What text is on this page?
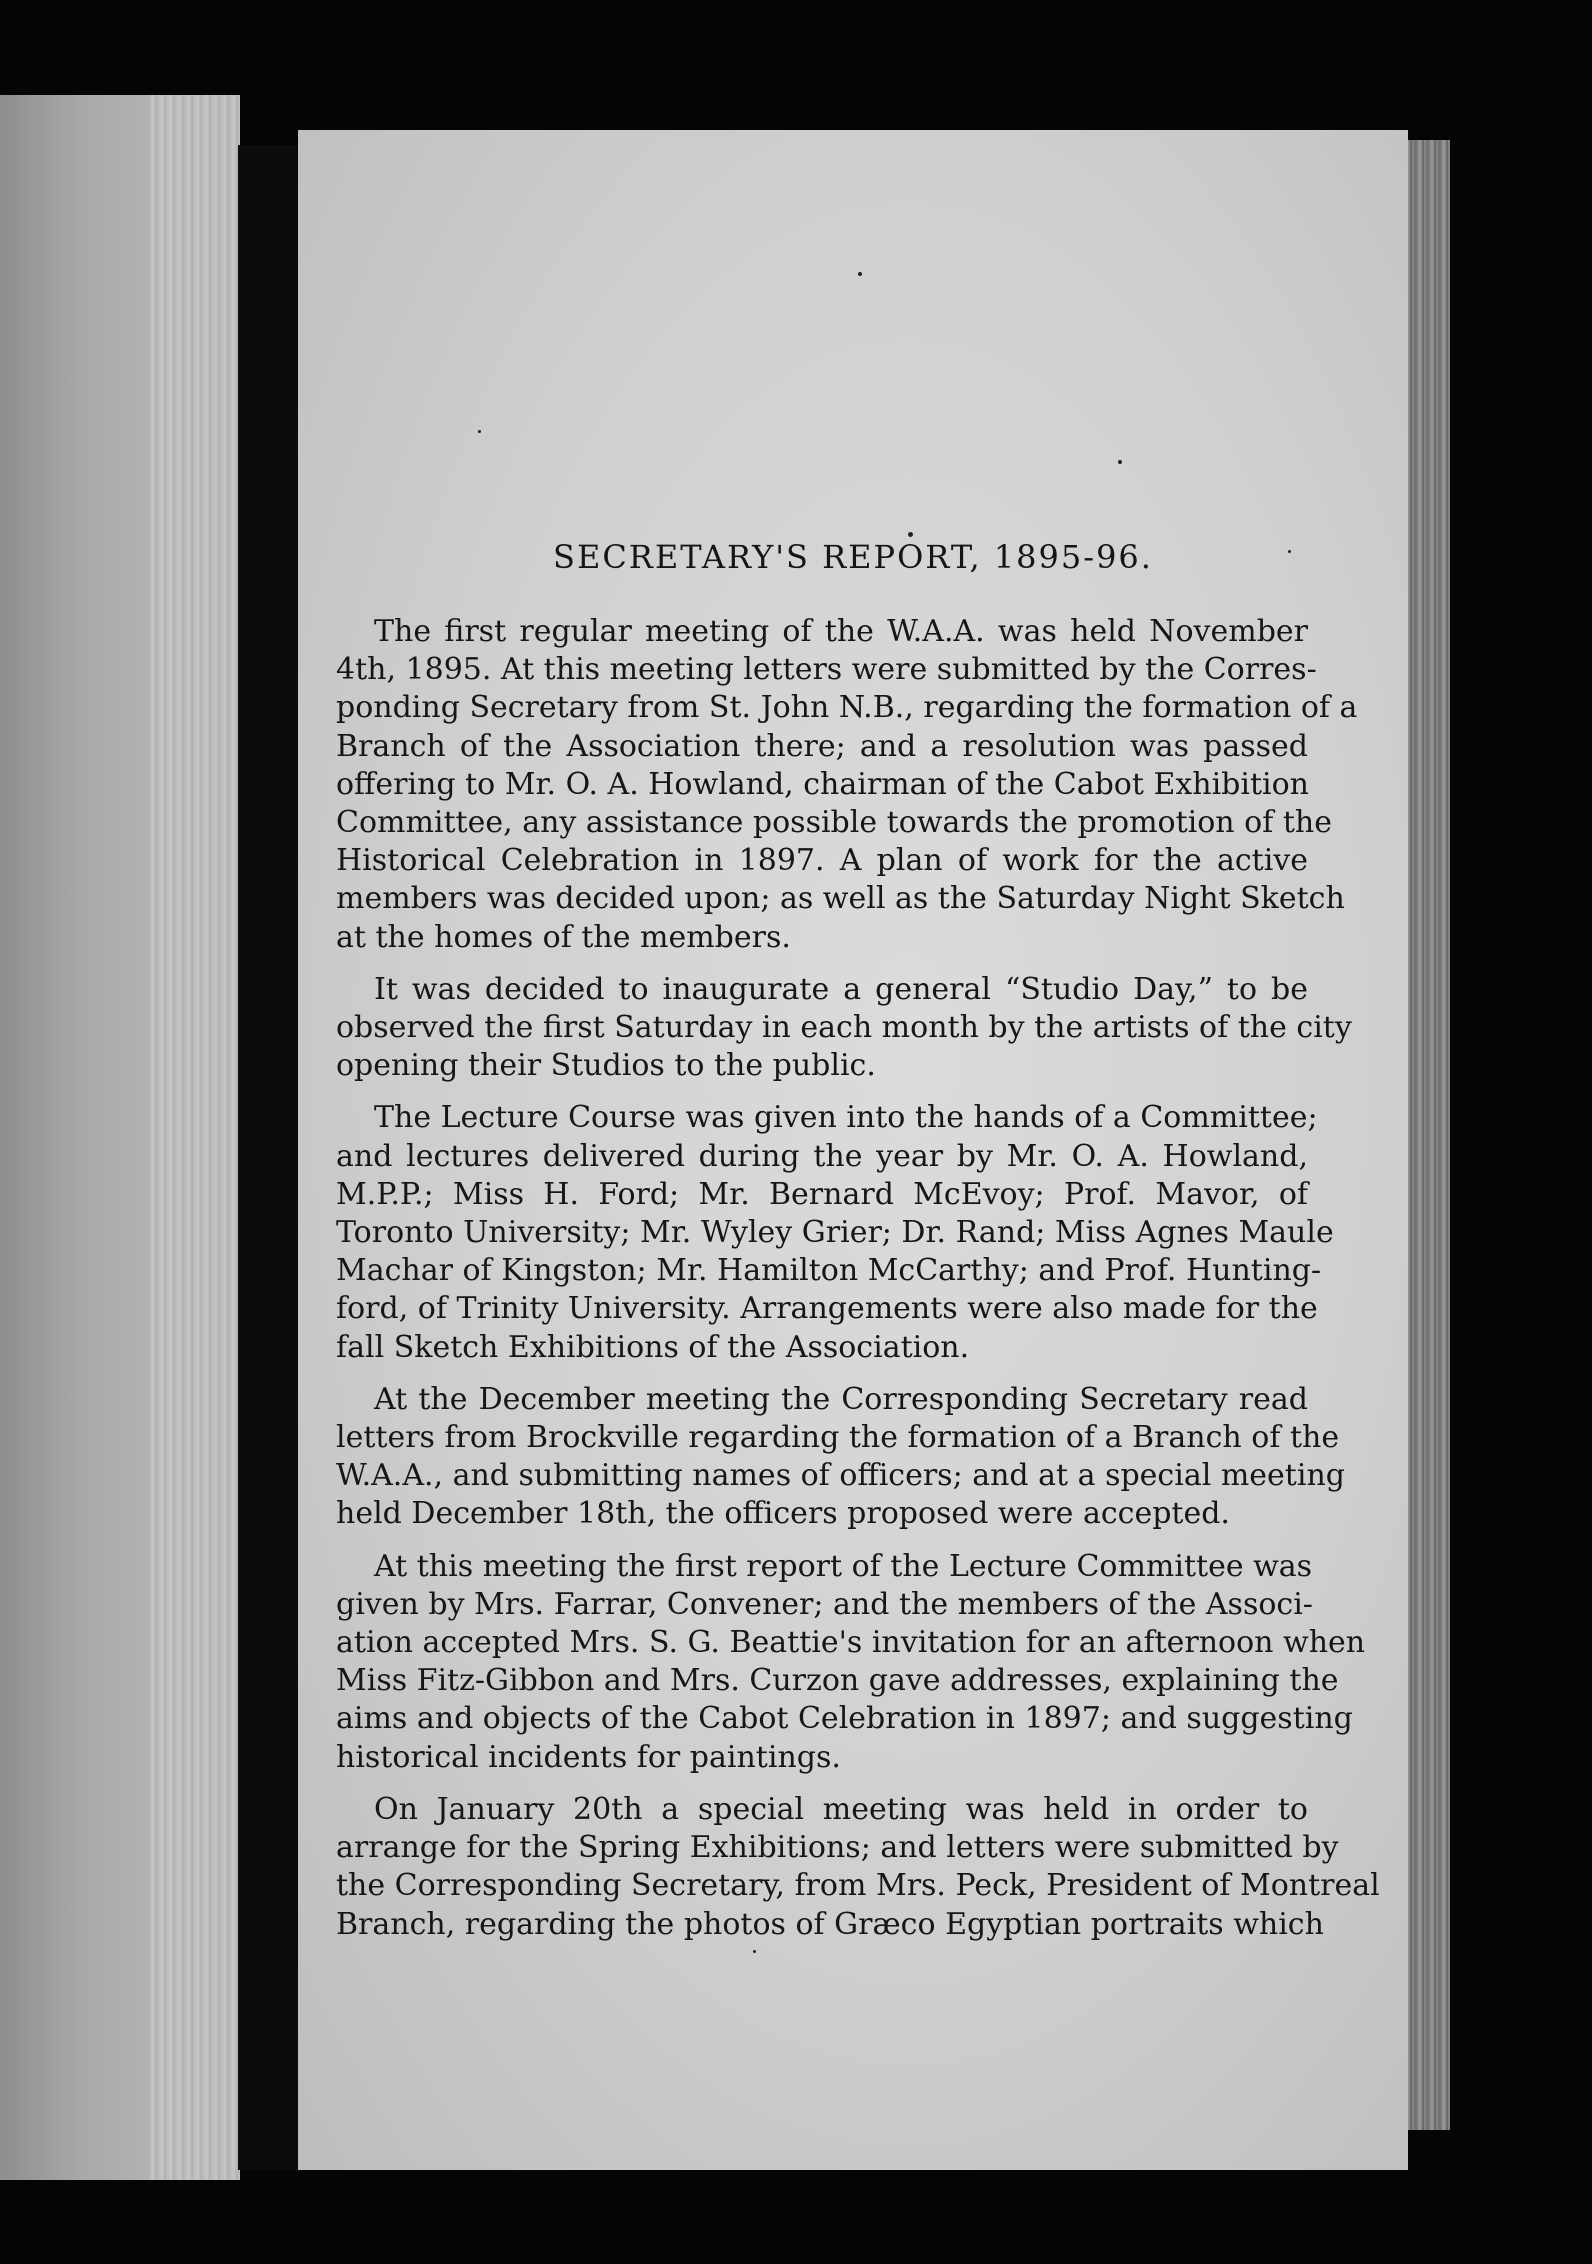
SECRETARY'S REPORT, 1895-96.
The first regular meeting of the W.A.A. was held November
4th, 1895. At this meeting letters were submitted by the Corres-
ponding Secretary from St. John N.B., regarding the formation of a
Branch of the Association there; and a resolution was passed
offering to Mr. O. A. Howland, chairman of the Cabot Exhibition
Committee, any assistance possible towards the promotion of the
Historical Celebration in 1897. A plan of work for the active
members was decided upon; as well as the Saturday Night Sketch
at the homes of the members.
It was decided to inaugurate a general “Studio Day,” to be
observed the first Saturday in each month by the artists of the city
opening their Studios to the public.
The Lecture Course was given into the hands of a Committee;
and lectures delivered during the year by Mr. O. A. Howland,
M.P.P.; Miss H. Ford; Mr. Bernard McEvoy; Prof. Mavor, of
Toronto University; Mr. Wyley Grier; Dr. Rand; Miss Agnes Maule
Machar of Kingston; Mr. Hamilton McCarthy; and Prof. Hunting-
ford, of Trinity University. Arrangements were also made for the
fall Sketch Exhibitions of the Association.
At the December meeting the Corresponding Secretary read
letters from Brockville regarding the formation of a Branch of the
W.A.A., and submitting names of officers; and at a special meeting
held December 18th, the officers proposed were accepted.
At this meeting the first report of the Lecture Committee was
given by Mrs. Farrar, Convener; and the members of the Associ-
ation accepted Mrs. S. G. Beattie's invitation for an afternoon when
Miss Fitz-Gibbon and Mrs. Curzon gave addresses, explaining the
aims and objects of the Cabot Celebration in 1897; and suggesting
historical incidents for paintings.
On January 20th a special meeting was held in order to
arrange for the Spring Exhibitions; and letters were submitted by
the Corresponding Secretary, from Mrs. Peck, President of Montreal
Branch, regarding the photos of Græco Egyptian portraits which
